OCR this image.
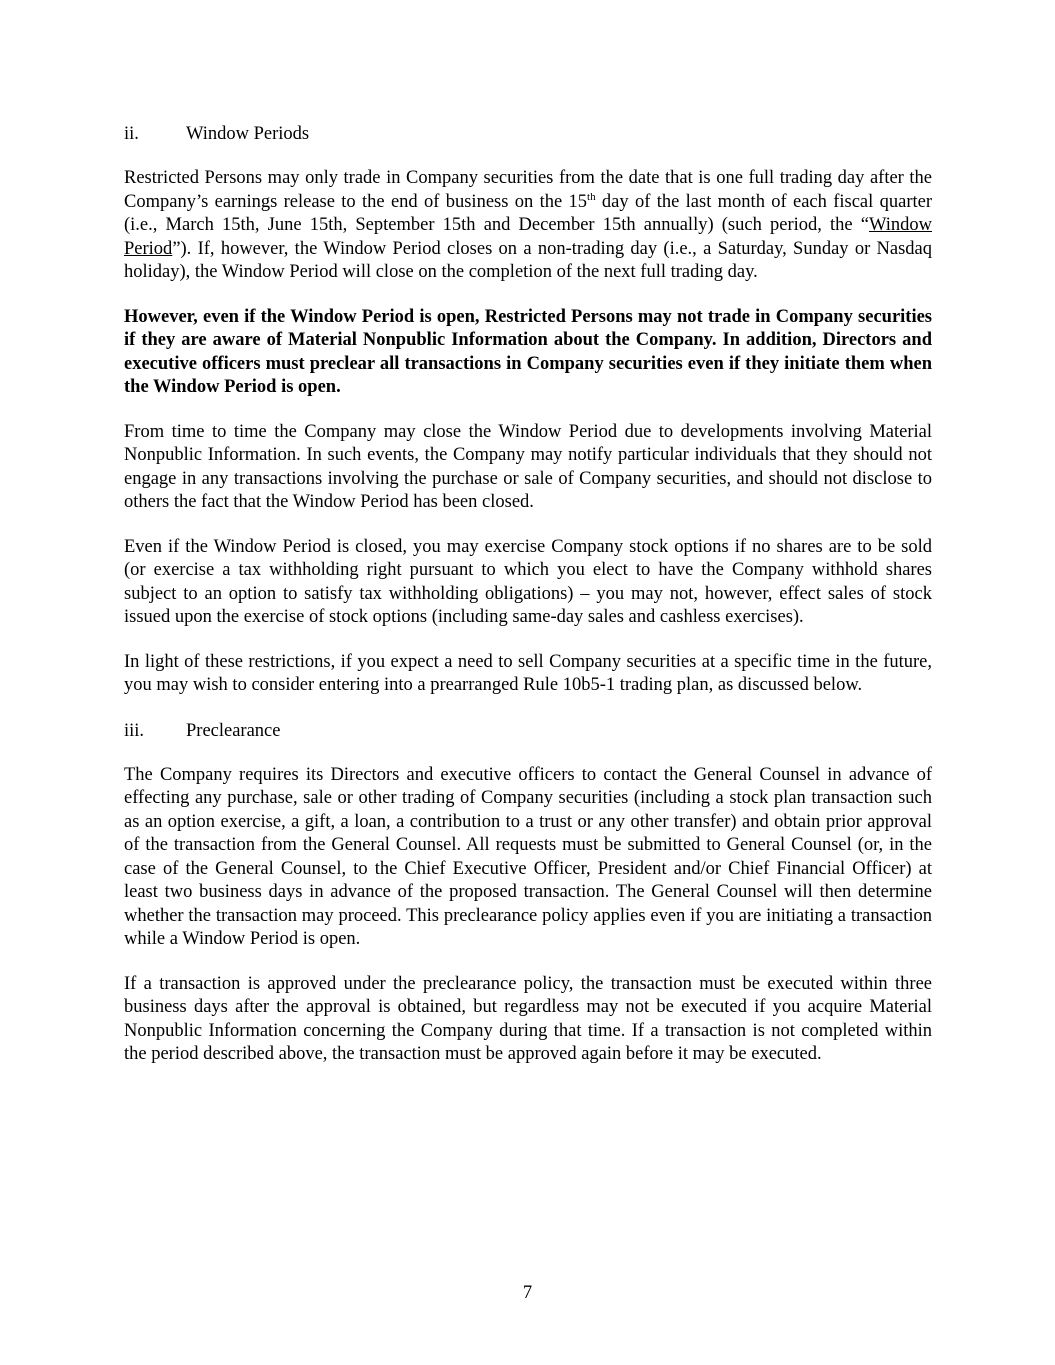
ii.	Window Periods

Restricted Persons may only trade in Company securities from the date that is one full trading day after the Company’s earnings release to the end of business on the 15th day of the last month of each fiscal quarter (i.e., March 15th, June 15th, September 15th and December 15th annually) (such period, the “Window Period”). If, however, the Window Period closes on a non-trading day (i.e., a Saturday, Sunday or Nasdaq holiday), the Window Period will close on the completion of the next full trading day.

However, even if the Window Period is open, Restricted Persons may not trade in Company securities if they are aware of Material Nonpublic Information about the Company. In addition, Directors and executive officers must preclear all transactions in Company securities even if they initiate them when the Window Period is open.

From time to time the Company may close the Window Period due to developments involving Material Nonpublic Information. In such events, the Company may notify particular individuals that they should not engage in any transactions involving the purchase or sale of Company securities, and should not disclose to others the fact that the Window Period has been closed.

Even if the Window Period is closed, you may exercise Company stock options if no shares are to be sold (or exercise a tax withholding right pursuant to which you elect to have the Company withhold shares subject to an option to satisfy tax withholding obligations) – you may not, however, effect sales of stock issued upon the exercise of stock options (including same-day sales and cashless exercises).

In light of these restrictions, if you expect a need to sell Company securities at a specific time in the future, you may wish to consider entering into a prearranged Rule 10b5-1 trading plan, as discussed below.

iii.	Preclearance

The Company requires its Directors and executive officers to contact the General Counsel in advance of effecting any purchase, sale or other trading of Company securities (including a stock plan transaction such as an option exercise, a gift, a loan, a contribution to a trust or any other transfer) and obtain prior approval of the transaction from the General Counsel. All requests must be submitted to General Counsel (or, in the case of the General Counsel, to the Chief Executive Officer, President and/or Chief Financial Officer) at least two business days in advance of the proposed transaction. The General Counsel will then determine whether the transaction may proceed. This preclearance policy applies even if you are initiating a transaction while a Window Period is open.

If a transaction is approved under the preclearance policy, the transaction must be executed within three business days after the approval is obtained, but regardless may not be executed if you acquire Material Nonpublic Information concerning the Company during that time. If a transaction is not completed within the period described above, the transaction must be approved again before it may be executed.

7
